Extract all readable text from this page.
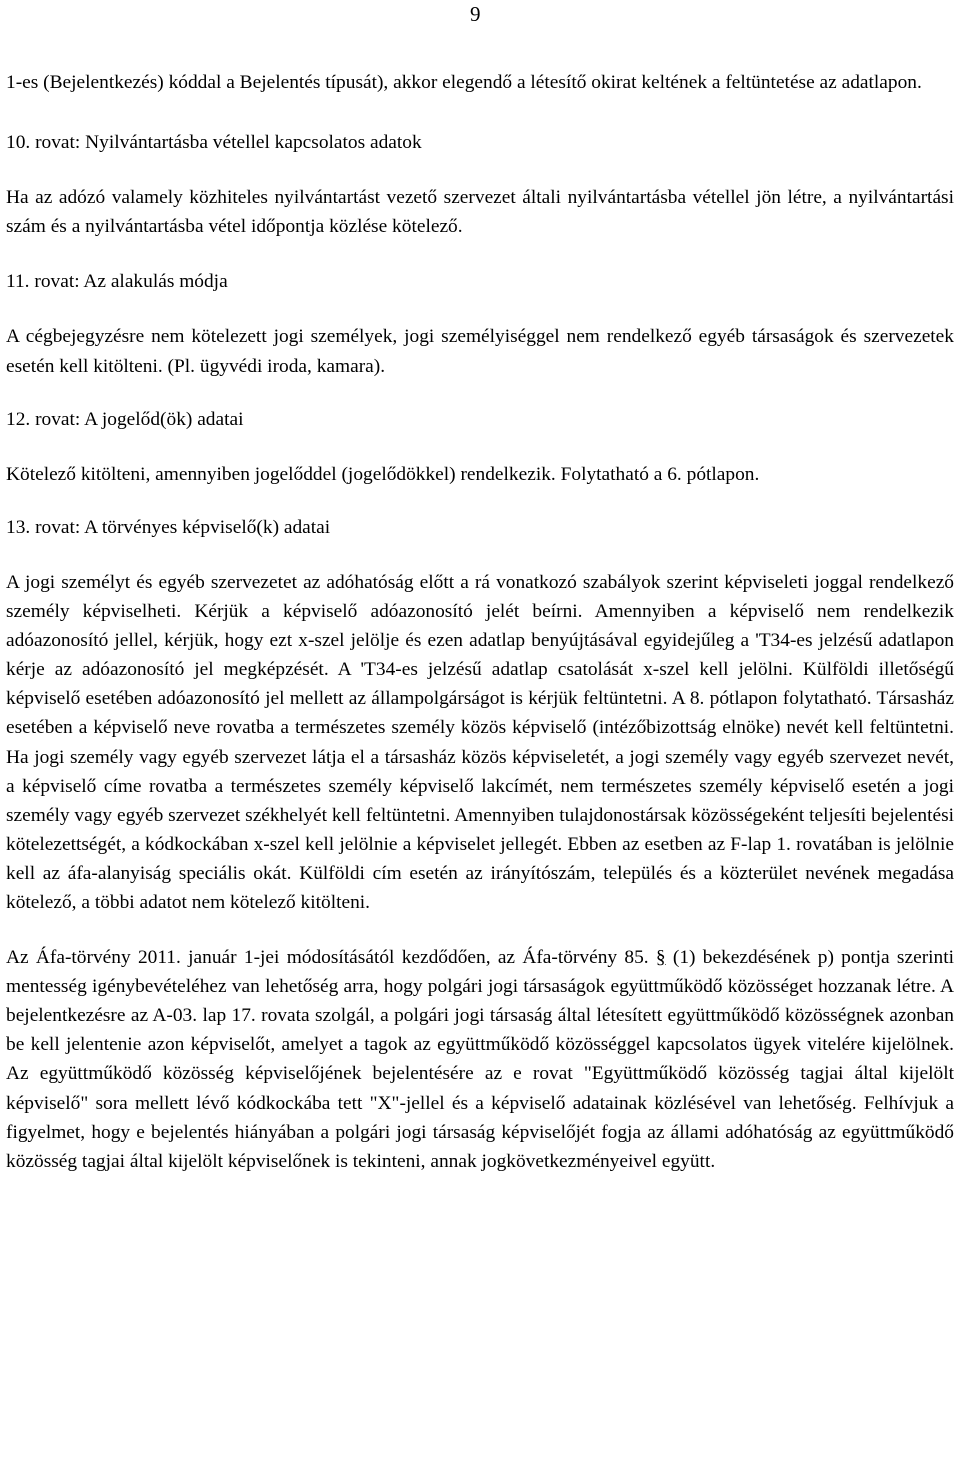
9

1-es (Bejelentkezés) kóddal a Bejelentés típusát), akkor elegendő a létesítő okirat keltének a feltüntetése az adatlapon.

10. rovat: Nyilvántartásba vétellel kapcsolatos adatok

Ha az adózó valamely közhiteles nyilvántartást vezető szervezet általi nyilvántartásba vétellel jön létre, a nyilvántartási szám és a nyilvántartásba vétel időpontja közlése kötelező.

11. rovat: Az alakulás módja

A cégbejegyzésre nem kötelezett jogi személyek, jogi személyiséggel nem rendelkező egyéb társaságok és szervezetek esetén kell kitölteni. (Pl. ügyvédi iroda, kamara).

12. rovat: A jogelőd(ök) adatai

Kötelező kitölteni, amennyiben jogelőddel (jogelődökkel) rendelkezik. Folytatható a 6. pótlapon.

13. rovat: A törvényes képviselő(k) adatai

A jogi személyt és egyéb szervezetet az adóhatóság előtt a rá vonatkozó szabályok szerint képviseleti joggal rendelkező személy képviselheti. Kérjük a képviselő adóazonosító jelét beírni. Amennyiben a képviselő nem rendelkezik adóazonosító jellel, kérjük, hogy ezt x-szel jelölje és ezen adatlap benyújtásával egyidejűleg a 'T34-es jelzésű adatlapon kérje az adóazonosító jel megképzését. A 'T34-es jelzésű adatlap csatolását x-szel kell jelölni. Külföldi illetőségű képviselő esetében adóazonosító jel mellett az állampolgárságot is kérjük feltüntetni. A 8. pótlapon folytatható. Társasház esetében a képviselő neve rovatba a természetes személy közös képviselő (intézőbizottság elnöke) nevét kell feltüntetni. Ha jogi személy vagy egyéb szervezet látja el a társasház közös képviseletét, a jogi személy vagy egyéb szervezet nevét, a képviselő címe rovatba a természetes személy képviselő lakcímét, nem természetes személy képviselő esetén a jogi személy vagy egyéb szervezet székhelyét kell feltüntetni. Amennyiben tulajdonostársak közösségeként teljesíti bejelentési kötelezettségét, a kódkockában x-szel kell jelölnie a képviselet jellegét. Ebben az esetben az F-lap 1. rovatában is jelölnie kell az áfa-alanyiság speciális okát. Külföldi cím esetén az irányítószám, település és a közterület nevének megadása kötelező, a többi adatot nem kötelező kitölteni.

Az Áfa-törvény 2011. január 1-jei módosításától kezdődően, az Áfa-törvény 85. § (1) bekezdésének p) pontja szerinti mentesség igénybevételéhez van lehetőség arra, hogy polgári jogi társaságok együttműködő közösséget hozzanak létre. A bejelentkezésre az A-03. lap 17. rovata szolgál, a polgári jogi társaság által létesített együttműködő közösségnek azonban be kell jelentenie azon képviselőt, amelyet a tagok az együttműködő közösséggel kapcsolatos ügyek vitelére kijelölnek. Az együttműködő közösség képviselőjének bejelentésére az e rovat "Együttműködő közösség tagjai által kijelölt képviselő" sora mellett lévő kódkockába tett "X"-jellel és a képviselő adatainak közlésével van lehetőség. Felhívjuk a figyelmet, hogy e bejelentés hiányában a polgári jogi társaság képviselőjét fogja az állami adóhatóság az együttműködő közösség tagjai által kijelölt képviselőnek is tekinteni, annak jogkövetkezményeivel együtt.
